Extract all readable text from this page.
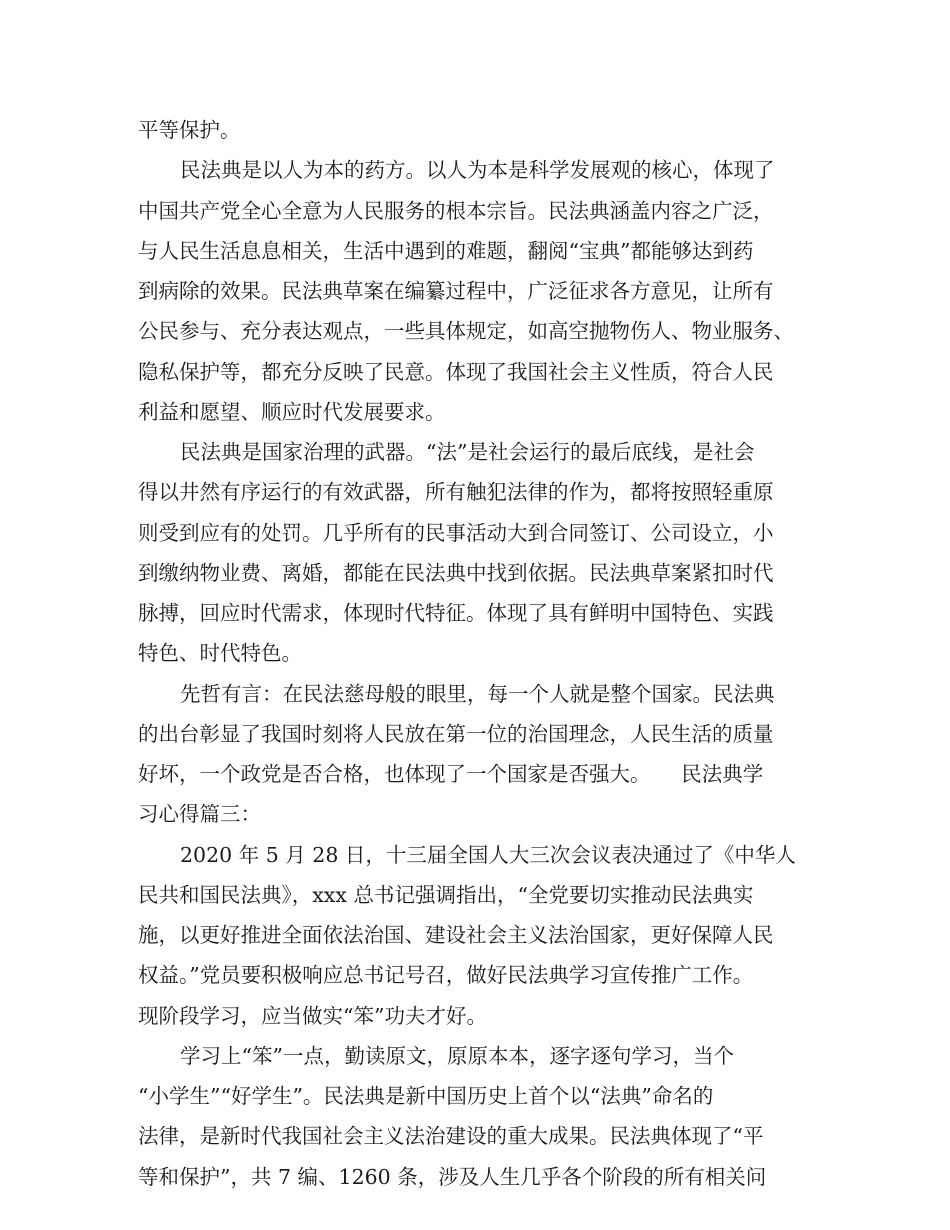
平等保护。
民法典是以人为本的药方。以人为本是科学发展观的核心，体现了
中国共产党全心全意为人民服务的根本宗旨。民法典涵盖内容之广泛，
与人民生活息息相关，生活中遇到的难题，翻阅“宝典”都能够达到药
到病除的效果。民法典草案在编纂过程中，广泛征求各方意见，让所有
公民参与、充分表达观点，一些具体规定，如高空抛物伤人、物业服务、
隐私保护等，都充分反映了民意。体现了我国社会主义性质，符合人民
利益和愿望、顺应时代发展要求。
民法典是国家治理的武器。“法”是社会运行的最后底线，是社会
得以井然有序运行的有效武器，所有触犯法律的作为，都将按照轻重原
则受到应有的处罚。几乎所有的民事活动大到合同签订、公司设立，小
到缴纳物业费、离婚，都能在民法典中找到依据。民法典草案紧扣时代
脉搏，回应时代需求，体现时代特征。体现了具有鲜明中国特色、实践
特色、时代特色。
先哲有言：在民法慈母般的眼里，每一个人就是整个国家。民法典
的出台彰显了我国时刻将人民放在第一位的治国理念，人民生活的质量
好坏，一个政党是否合格，也体现了一个国家是否强大。　　民法典学
习心得篇三：
2020 年 5 月 28 日，十三届全国人大三次会议表决通过了《中华人
民共和国民法典》，xxx 总书记强调指出，“全党要切实推动民法典实
施，以更好推进全面依法治国、建设社会主义法治国家，更好保障人民
权益。”党员要积极响应总书记号召，做好民法典学习宣传推广工作。
现阶段学习，应当做实“笨”功夫才好。
学习上“笨”一点，勤读原文，原原本本，逐字逐句学习，当个
“小学生”“好学生”。民法典是新中国历史上首个以“法典”命名的
法律，是新时代我国社会主义法治建设的重大成果。民法典体现了“平
等和保护”，共 7 编、1260 条，涉及人生几乎各个阶段的所有相关问
